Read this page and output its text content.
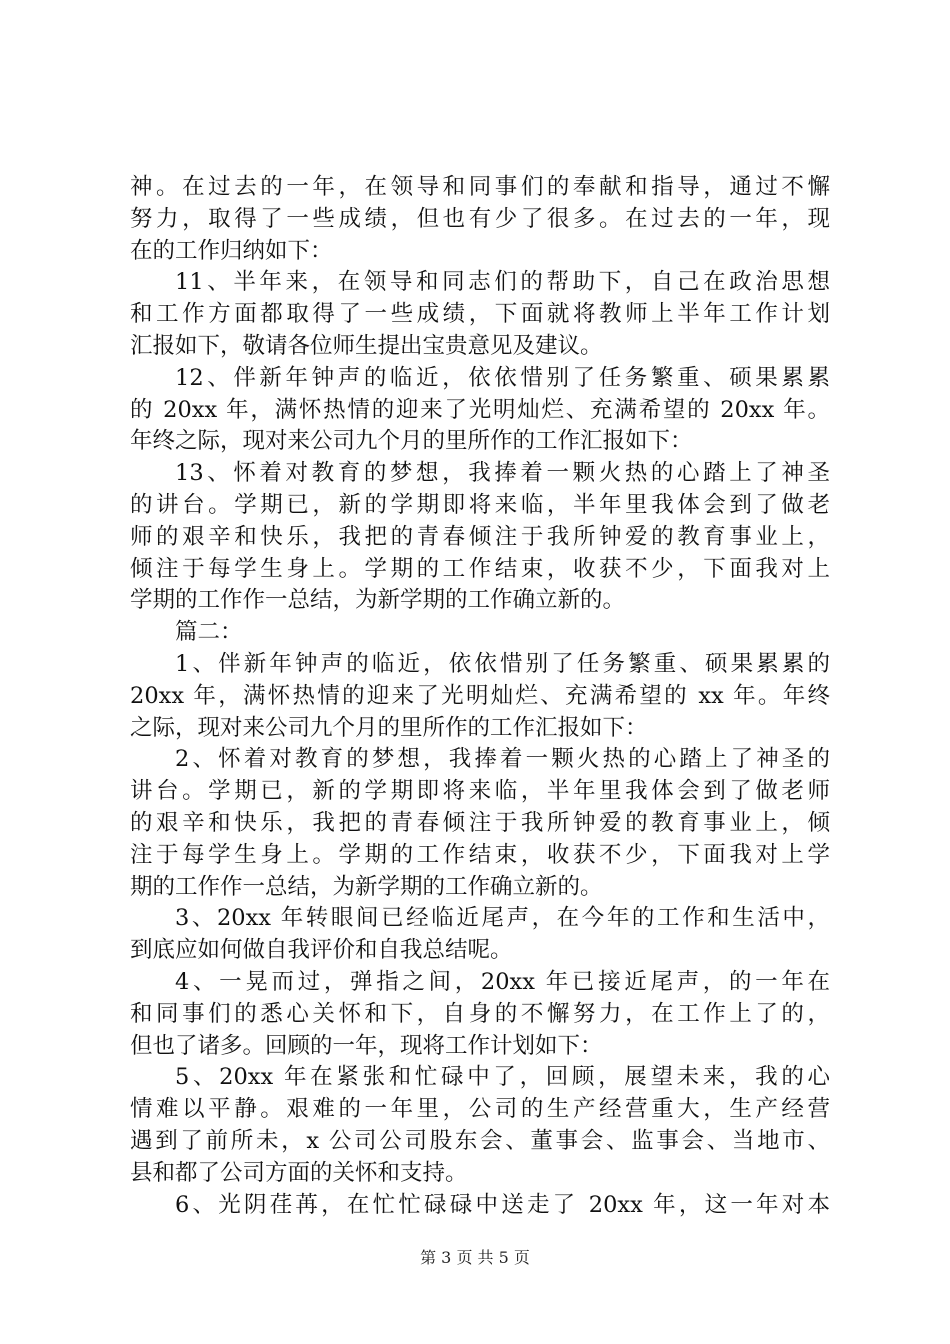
神。在过去的一年，在领导和同事们的奉献和指导，通过不懈
努力，取得了一些成绩，但也有少了很多。在过去的一年，现
在的工作归纳如下：
11、半年来，在领导和同志们的帮助下，自己在政治思想
和工作方面都取得了一些成绩，下面就将教师上半年工作计划
汇报如下，敬请各位师生提出宝贵意见及建议。
12、伴新年钟声的临近，依依惜别了任务繁重、硕果累累
的 20xx 年，满怀热情的迎来了光明灿烂、充满希望的 20xx 年。
年终之际，现对来公司九个月的里所作的工作汇报如下：
13、怀着对教育的梦想，我捧着一颗火热的心踏上了神圣
的讲台。学期已，新的学期即将来临，半年里我体会到了做老
师的艰辛和快乐，我把的青春倾注于我所钟爱的教育事业上，
倾注于每学生身上。学期的工作结束，收获不少，下面我对上
学期的工作作一总结，为新学期的工作确立新的。
篇二：
1、伴新年钟声的临近，依依惜别了任务繁重、硕果累累的
20xx 年，满怀热情的迎来了光明灿烂、充满希望的 xx 年。年终
之际，现对来公司九个月的里所作的工作汇报如下：
2、怀着对教育的梦想，我捧着一颗火热的心踏上了神圣的
讲台。学期已，新的学期即将来临，半年里我体会到了做老师
的艰辛和快乐，我把的青春倾注于我所钟爱的教育事业上，倾
注于每学生身上。学期的工作结束，收获不少，下面我对上学
期的工作作一总结，为新学期的工作确立新的。
3、20xx 年转眼间已经临近尾声，在今年的工作和生活中，
到底应如何做自我评价和自我总结呢。
4、一晃而过，弹指之间，20xx 年已接近尾声，的一年在
和同事们的悉心关怀和下，自身的不懈努力，在工作上了的，
但也了诸多。回顾的一年，现将工作计划如下：
5、20xx 年在紧张和忙碌中了，回顾，展望未来，我的心
情难以平静。艰难的一年里，公司的生产经营重大，生产经营
遇到了前所未，x 公司公司股东会、董事会、监事会、当地市、
县和都了公司方面的关怀和支持。
6、光阴荏苒，在忙忙碌碌中送走了 20xx 年，这一年对本
第 3 页 共 5 页
